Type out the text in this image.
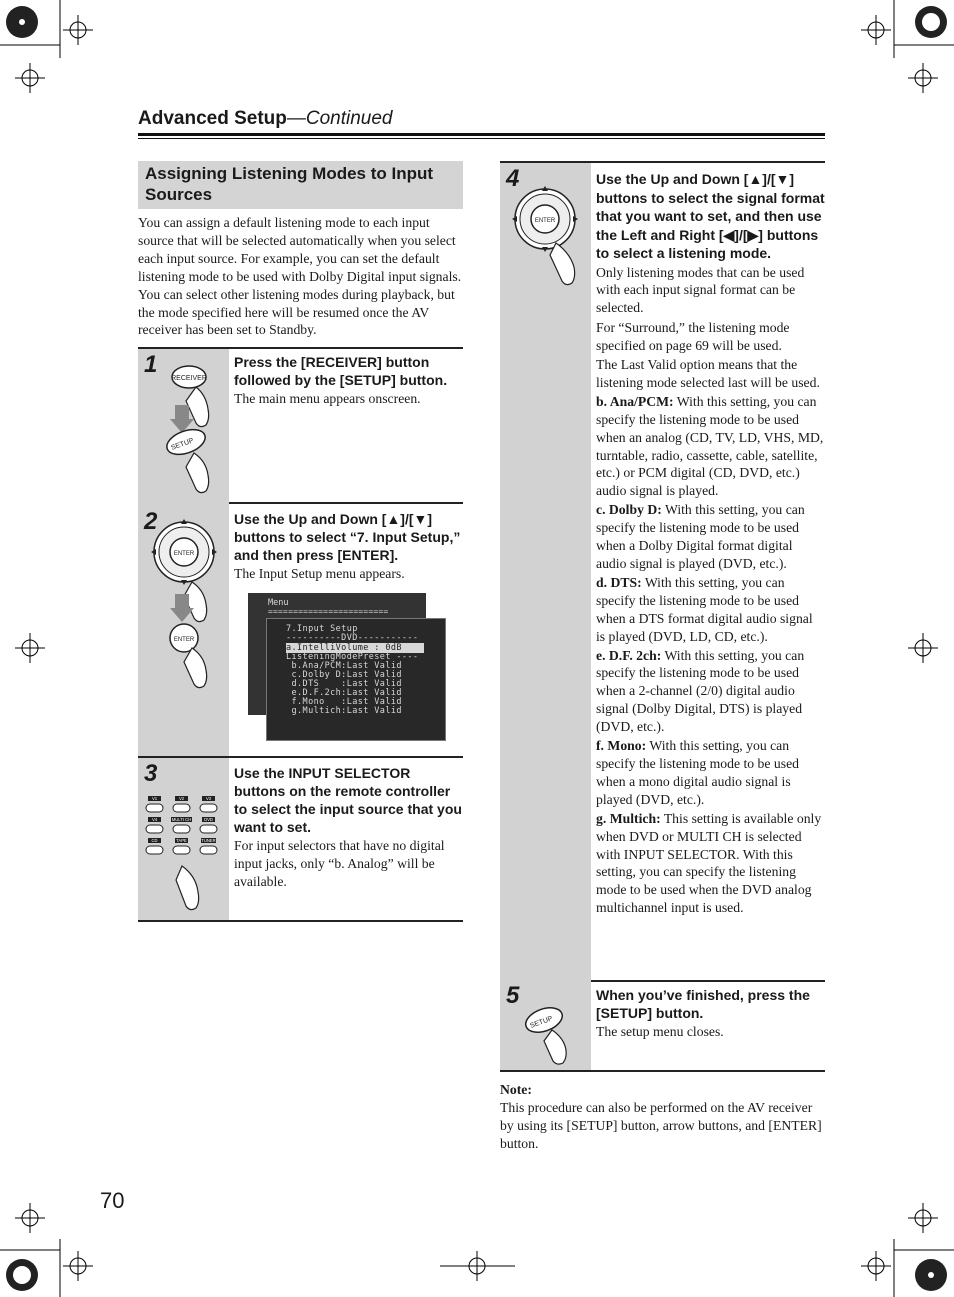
Advanced Setup—Continued
Assigning Listening Modes to Input Sources
You can assign a default listening mode to each input source that will be selected automatically when you select each input source. For example, you can set the default listening mode to be used with Dolby Digital input signals. You can select other listening modes during playback, but the mode specified here will be resumed once the AV receiver has been set to Standby.
1
RECEIVER
SETUP
Press the [RECEIVER] button followed by the [SETUP] button.
The main menu appears onscreen.
2
ENTER
ENTER
Use the Up and Down [▲]/[▼] buttons to select “7. Input Setup,” and then press [ENTER].
The Input Setup menu appears.
Menu
========================
7.Input Setup
----------DVD-----------
a.IntelliVolume : 0dB
ListeningModePreset ----
b.Ana/PCM:Last Valid
c.Dolby D:Last Valid
d.DTS    :Last Valid
e.D.F.2ch:Last Valid
f.Mono   :Last Valid
g.Multich:Last Valid
3
V1	V2	V3
V4	MULTI CH	DVD
CD	TAPE	TUNER
Use the INPUT SELECTOR buttons on the remote controller to select the input source that you want to set.
For input selectors that have no digital input jacks, only “b. Analog” will be available.
4
ENTER
Use the Up and Down [▲]/[▼] buttons to select the signal format that you want to set, and then use the Left and Right [◀]/[▶] buttons to select a listening mode.
Only listening modes that can be used with each input signal format can be selected.
For “Surround,” the listening mode specified on page 69 will be used.
The Last Valid option means that the listening mode selected last will be used.
b. Ana/PCM: With this setting, you can specify the listening mode to be used when an analog (CD, TV, LD, VHS, MD, turntable, radio, cassette, cable, satellite, etc.) or PCM digital (CD, DVD, etc.) audio signal is played.
c. Dolby D: With this setting, you can specify the listening mode to be used when a Dolby Digital format digital audio signal is played (DVD, etc.).
d. DTS: With this setting, you can specify the listening mode to be used when a DTS format digital audio signal is played (DVD, LD, CD, etc.).
e. D.F. 2ch: With this setting, you can specify the listening mode to be used when a 2-channel (2/0) digital audio signal (Dolby Digital, DTS) is played (DVD, etc.).
f. Mono: With this setting, you can specify the listening mode to be used when a mono digital audio signal is played (DVD, etc.).
g. Multich: This setting is available only when DVD or MULTI CH is selected with INPUT SELECTOR. With this setting, you can specify the listening mode to be used when the DVD analog multichannel input is used.
5
SETUP
When you’ve finished, press the [SETUP] button.
The setup menu closes.
Note:
This procedure can also be performed on the AV receiver by using its [SETUP] button, arrow buttons, and [ENTER] button.
70
